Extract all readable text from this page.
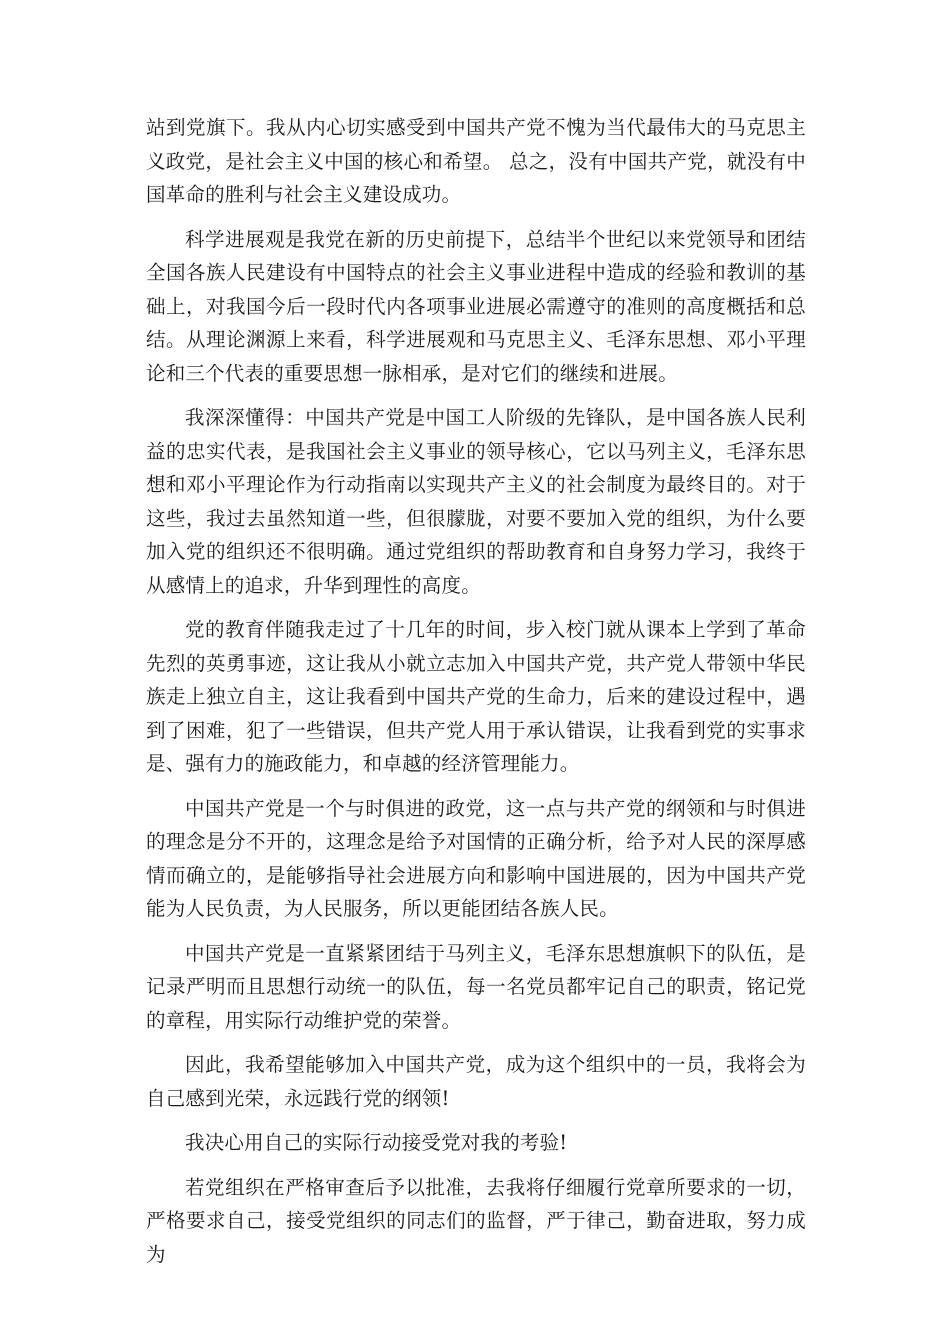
站到党旗下。我从内心切实感受到中国共产党不愧为当代最伟大的马克思主义政党，是社会主义中国的核心和希望。 总之，没有中国共产党，就没有中国革命的胜利与社会主义建设成功。

科学进展观是我党在新的历史前提下，总结半个世纪以来党领导和团结全国各族人民建设有中国特点的社会主义事业进程中造成的经验和教训的基础上，对我国今后一段时代内各项事业进展必需遵守的准则的高度概括和总结。从理论渊源上来看，科学进展观和马克思主义、毛泽东思想、邓小平理论和三个代表的重要思想一脉相承，是对它们的继续和进展。

我深深懂得：中国共产党是中国工人阶级的先锋队，是中国各族人民利益的忠实代表，是我国社会主义事业的领导核心，它以马列主义，毛泽东思想和邓小平理论作为行动指南以实现共产主义的社会制度为最终目的。对于这些，我过去虽然知道一些，但很朦胧，对要不要加入党的组织，为什么要加入党的组织还不很明确。通过党组织的帮助教育和自身努力学习，我终于从感情上的追求，升华到理性的高度。

党的教育伴随我走过了十几年的时间，步入校门就从课本上学到了革命先烈的英勇事迹，这让我从小就立志加入中国共产党，共产党人带领中华民族走上独立自主，这让我看到中国共产党的生命力，后来的建设过程中，遇到了困难，犯了一些错误，但共产党人用于承认错误，让我看到党的实事求是、强有力的施政能力，和卓越的经济管理能力。

中国共产党是一个与时俱进的政党，这一点与共产党的纲领和与时俱进的理念是分不开的，这理念是给予对国情的正确分析，给予对人民的深厚感情而确立的，是能够指导社会进展方向和影响中国进展的，因为中国共产党能为人民负责，为人民服务，所以更能团结各族人民。

中国共产党是一直紧紧团结于马列主义，毛泽东思想旗帜下的队伍，是记录严明而且思想行动统一的队伍，每一名党员都牢记自己的职责，铭记党的章程，用实际行动维护党的荣誉。

因此，我希望能够加入中国共产党，成为这个组织中的一员，我将会为自己感到光荣，永远践行党的纲领!

我决心用自己的实际行动接受党对我的考验!

若党组织在严格审查后予以批准，去我将仔细履行党章所要求的一切，严格要求自己，接受党组织的同志们的监督，严于律己，勤奋进取，努力成为
